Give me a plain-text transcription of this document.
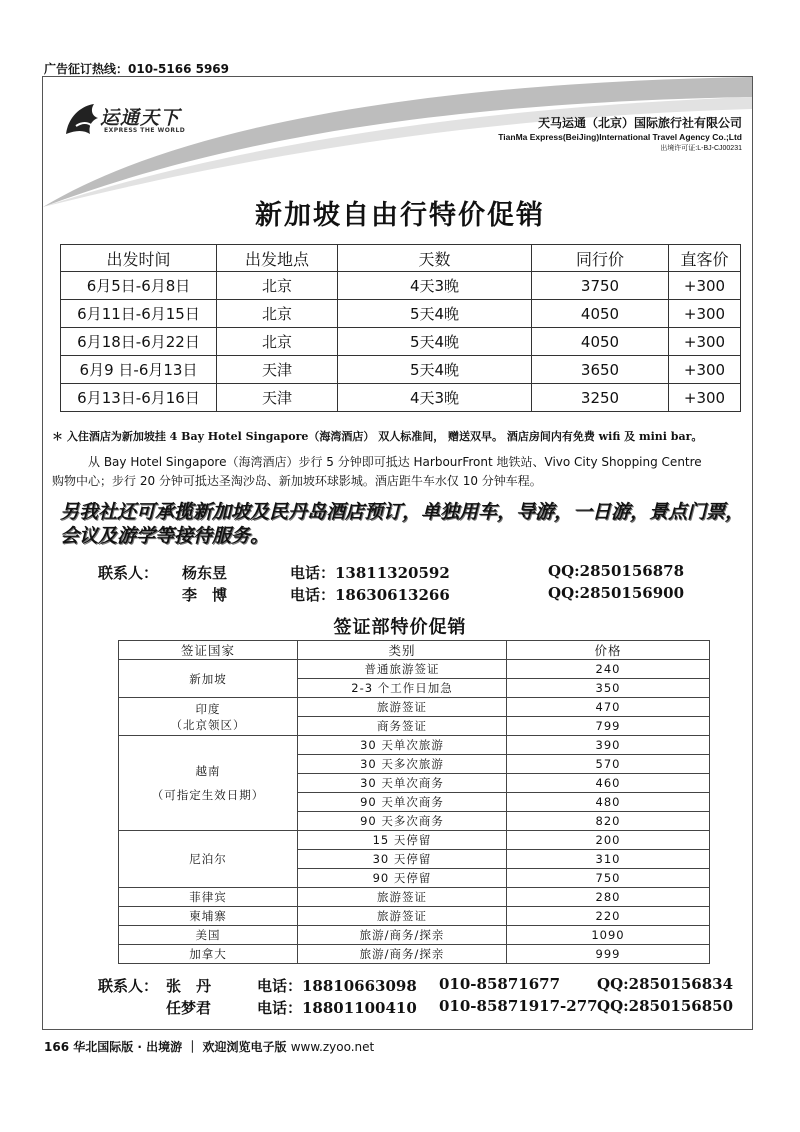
广告征订热线：010-5166 5969
运通天下
EXPRESS THE WORLD
天马运通（北京）国际旅行社有限公司
TianMa Express(BeiJing)International Travel Agency Co.;Ltd
出境许可证:L-BJ-CJ00231
新加坡自由行特价促销
出发时间	出发地点	天数	同行价	直客价
6月5日-6月8日	北京	4天3晚	3750	+300
6月11日-6月15日	北京	5天4晚	4050	+300
6月18日-6月22日	北京	5天4晚	4050	+300
6月9 日-6月13日	天津	5天4晚	3650	+300
6月13日-6月16日	天津	4天3晚	3250	+300
＊ 入住酒店为新加坡挂 4 Bay Hotel Singapore（海湾酒店） 双人标准间， 赠送双早。 酒店房间内有免费 wifi 及 mini bar。
从 Bay Hotel Singapore（海湾酒店）步行 5 分钟即可抵达 HarbourFront 地铁站、Vivo City Shopping Centre
购物中心；步行 20 分钟可抵达圣淘沙岛、新加坡环球影城。酒店距牛车水仅 10 分钟车程。
另我社还可承揽新加坡及民丹岛酒店预订，单独用车，导游，一日游，景点门票，会议及游学等接待服务。
联系人： 杨东昱	电话：13811320592	QQ:2850156878
李　博	电话：18630613266	QQ:2850156900
签证部特价促销
签证国家	类别	价格
新加坡	普通旅游签证	240
	2-3 个工作日加急	350

印度
（北京领区）	旅游签证	470
	商务签证	799

越南
（可指定生效日期）	30 天单次旅游	390
	30 天多次旅游	570
	30 天单次商务	460
	90 天单次商务	480
	90 天多次商务	820
尼泊尔	15 天停留	200
	30 天停留	310
	90 天停留	750
菲律宾	旅游签证	280
柬埔寨	旅游签证	220
美国	旅游/商务/探亲	1090
加拿大	旅游/商务/探亲	999
联系人： 张　丹	电话：18810663098 010-85871677 QQ:2850156834
任梦君	电话：18801100410 010-85871917-277 QQ:2850156850
166 华北国际版 · 出境游 ｜ 欢迎浏览电子版 www.zyoo.net
